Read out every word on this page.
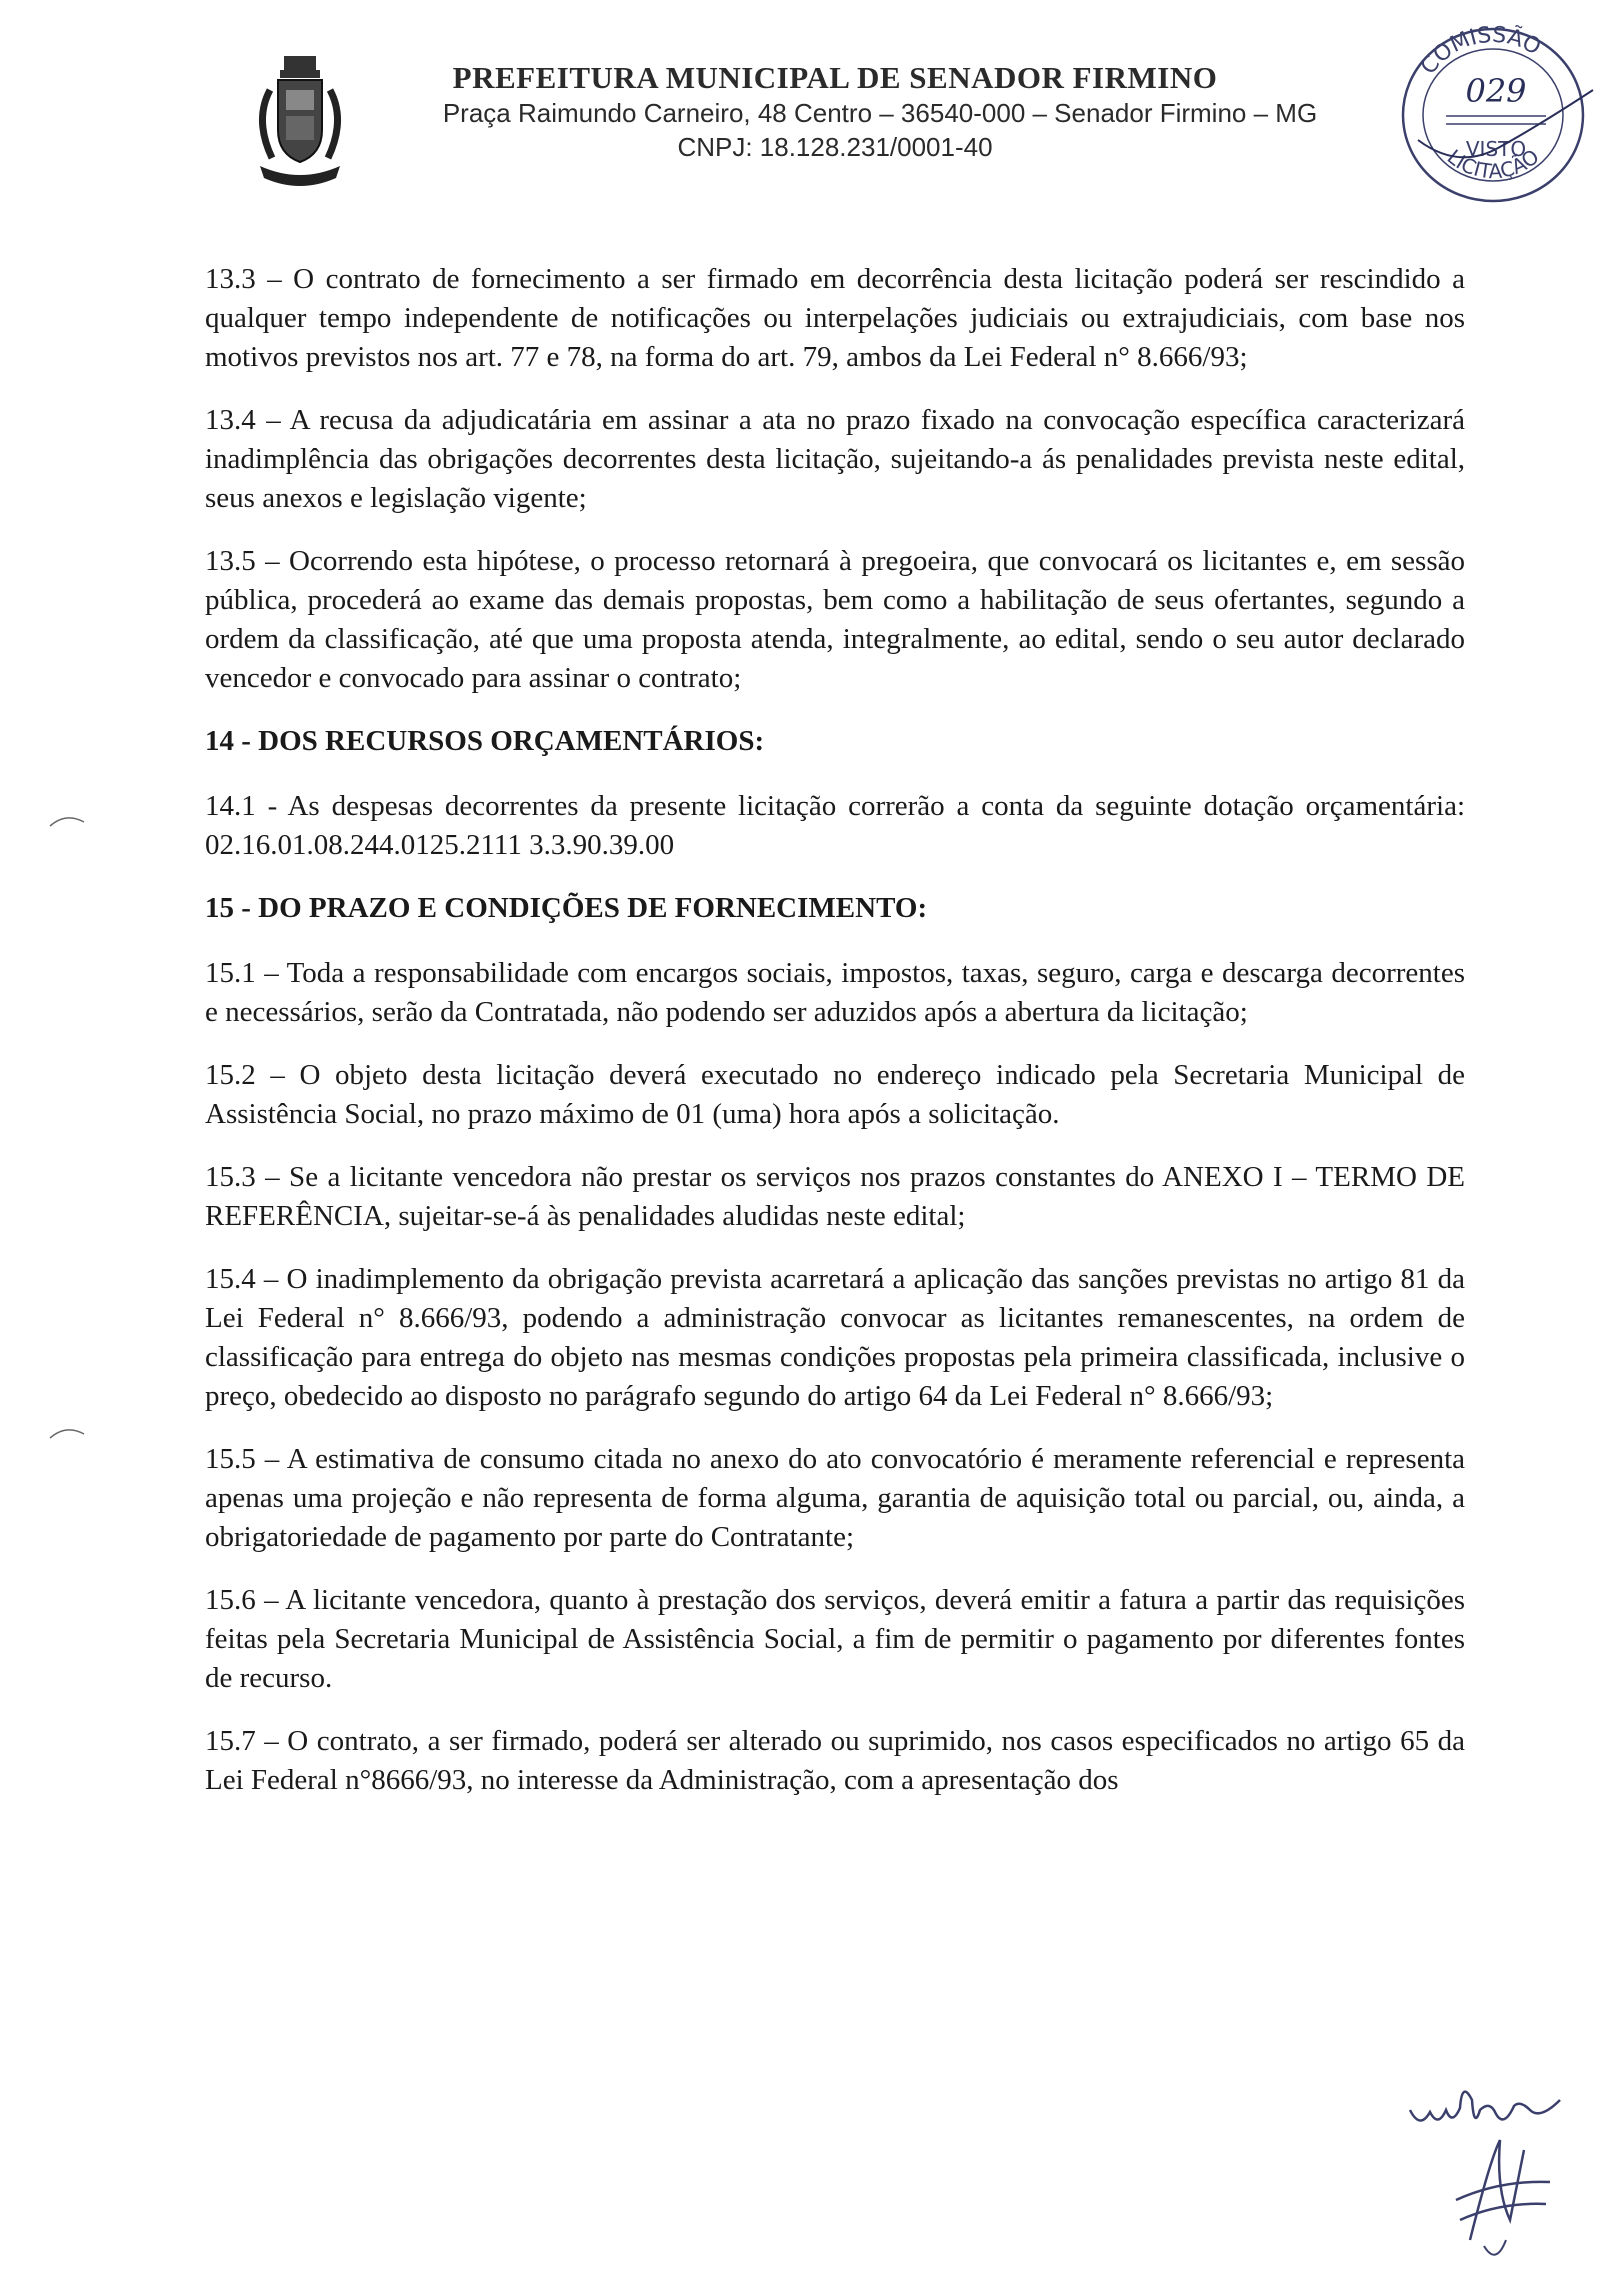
PREFEITURA MUNICIPAL DE SENADOR FIRMINO
Praça Raimundo Carneiro, 48 Centro – 36540-000 – Senador Firmino – MG
CNPJ: 18.128.231/0001-40
COMISSÃO
LICITAÇÃO
029
VISTO

13.3 – O contrato de fornecimento a ser firmado em decorrência desta licitação poderá ser rescindido a qualquer tempo independente de notificações ou interpelações judiciais ou extrajudiciais, com base nos motivos previstos nos art. 77 e 78, na forma do art. 79, ambos da Lei Federal n° 8.666/93;

13.4 – A recusa da adjudicatária em assinar a ata no prazo fixado na convocação específica caracterizará inadimplência das obrigações decorrentes desta licitação, sujeitando-a ás penalidades prevista neste edital, seus anexos e legislação vigente;

13.5 – Ocorrendo esta hipótese, o processo retornará à pregoeira, que convocará os licitantes e, em sessão pública, procederá ao exame das demais propostas, bem como a habilitação de seus ofertantes, segundo a ordem da classificação, até que uma proposta atenda, integralmente, ao edital, sendo o seu autor declarado vencedor e convocado para assinar o contrato;

14 - DOS RECURSOS ORÇAMENTÁRIOS:

14.1 - As despesas decorrentes da presente licitação correrão a conta da seguinte dotação orçamentária: 02.16.01.08.244.0125.2111 3.3.90.39.00

15 - DO PRAZO E CONDIÇÕES DE FORNECIMENTO:

15.1 – Toda a responsabilidade com encargos sociais, impostos, taxas, seguro, carga e descarga decorrentes e necessários, serão da Contratada, não podendo ser aduzidos após a abertura da licitação;

15.2 – O objeto desta licitação deverá executado no endereço indicado pela Secretaria Municipal de Assistência Social, no prazo máximo de 01 (uma) hora após a solicitação.

15.3 – Se a licitante vencedora não prestar os serviços nos prazos constantes do ANEXO I – TERMO DE REFERÊNCIA, sujeitar-se-á às penalidades aludidas neste edital;

15.4 – O inadimplemento da obrigação prevista acarretará a aplicação das sanções previstas no artigo 81 da Lei Federal n° 8.666/93, podendo a administração convocar as licitantes remanescentes, na ordem de classificação para entrega do objeto nas mesmas condições propostas pela primeira classificada, inclusive o preço, obedecido ao disposto no parágrafo segundo do artigo 64 da Lei Federal n° 8.666/93;

15.5 – A estimativa de consumo citada no anexo do ato convocatório é meramente referencial e representa apenas uma projeção e não representa de forma alguma, garantia de aquisição total ou parcial, ou, ainda, a obrigatoriedade de pagamento por parte do Contratante;

15.6 – A licitante vencedora, quanto à prestação dos serviços, deverá emitir a fatura a partir das requisições feitas pela Secretaria Municipal de Assistência Social, a fim de permitir o pagamento por diferentes fontes de recurso.

15.7 – O contrato, a ser firmado, poderá ser alterado ou suprimido, nos casos especificados no artigo 65 da Lei Federal n°8666/93, no interesse da Administração, com a apresentação dos
